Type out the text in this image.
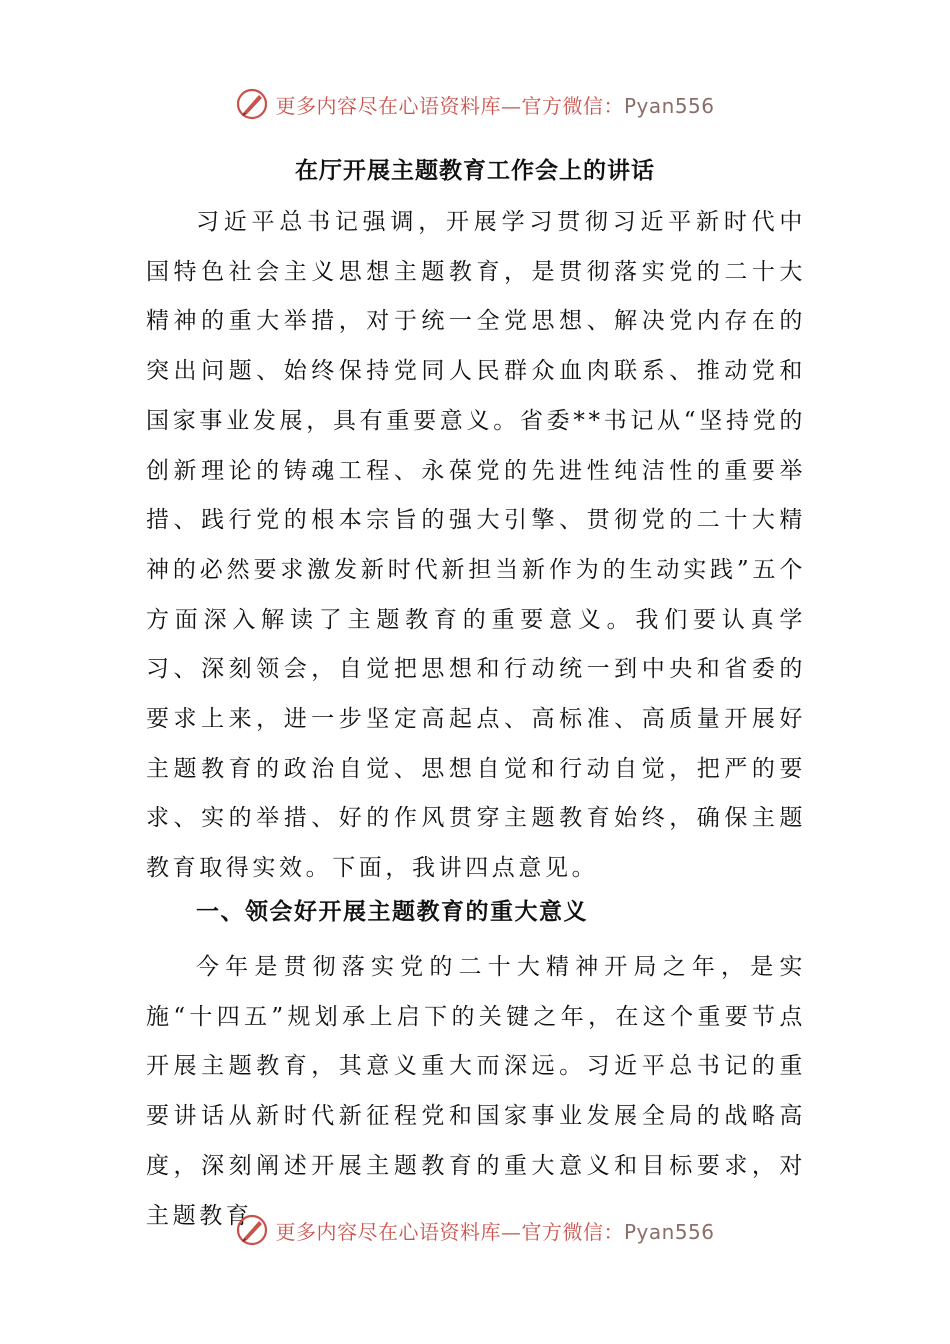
更多内容尽在心语资料库—官方微信：Pyan556
在厅开展主题教育工作会上的讲话
习近平总书记强调，开展学习贯彻习近平新时代中国特色社会主义思想主题教育，是贯彻落实党的二十大精神的重大举措，对于统一全党思想、解决党内存在的突出问题、始终保持党同人民群众血肉联系、推动党和国家事业发展，具有重要意义。省委**书记从“坚持党的创新理论的铸魂工程、永葆党的先进性纯洁性的重要举措、践行党的根本宗旨的强大引擎、贯彻党的二十大精神的必然要求激发新时代新担当新作为的生动实践”五个方面深入解读了主题教育的重要意义。我们要认真学习、深刻领会，自觉把思想和行动统一到中央和省委的要求上来，进一步坚定高起点、高标准、高质量开展好主题教育的政治自觉、思想自觉和行动自觉，把严的要求、实的举措、好的作风贯穿主题教育始终，确保主题教育取得实效。下面，我讲四点意见。
一、领会好开展主题教育的重大意义
今年是贯彻落实党的二十大精神开局之年，是实施“十四五”规划承上启下的关键之年，在这个重要节点开展主题教育，其意义重大而深远。习近平总书记的重要讲话从新时代新征程党和国家事业发展全局的战略高度，深刻阐述开展主题教育的重大意义和目标要求，对主题教育
更多内容尽在心语资料库—官方微信：Pyan556
